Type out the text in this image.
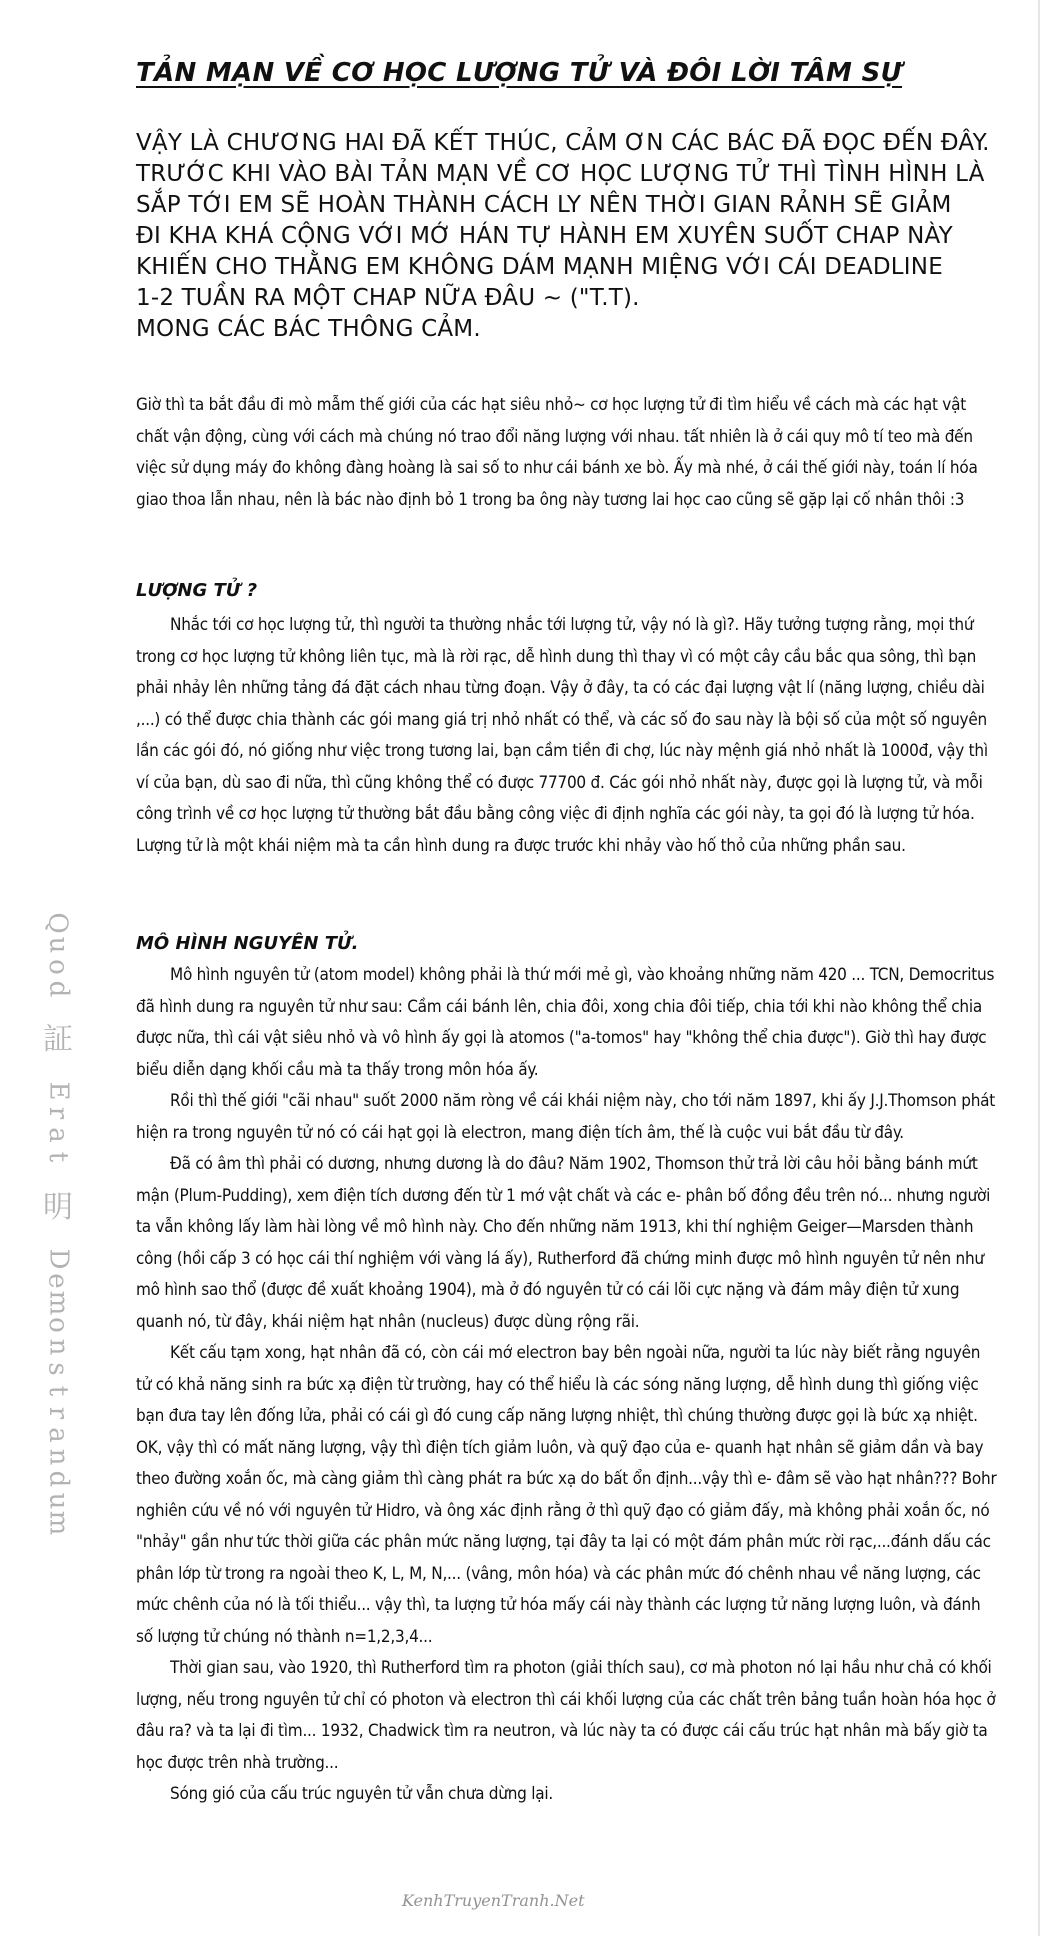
TẢN MẠN VỀ CƠ HỌC LƯỢNG TỬ VÀ ĐÔI LỜI TÂM SỰ
VẬY LÀ CHƯƠNG HAI ĐÃ KẾT THÚC, CẢM ƠN CÁC BÁC ĐÃ ĐỌC ĐẾN ĐÂY.
TRƯỚC KHI VÀO BÀI TẢN MẠN VỀ CƠ HỌC LƯỢNG TỬ THÌ TÌNH HÌNH LÀ
SẮP TỚI EM SẼ HOÀN THÀNH CÁCH LY NÊN THỜI GIAN RẢNH SẼ GIẢM
ĐI KHA KHÁ CỘNG VỚI MỚ HÁN TỰ HÀNH EM XUYÊN SUỐT CHAP NÀY
KHIẾN CHO THẰNG EM KHÔNG DÁM MẠNH MIỆNG VỚI CÁI DEADLINE
1-2 TUẦN RA MỘT CHAP NỮA ĐÂU ~ ("T.T).
MONG CÁC BÁC THÔNG CẢM.

Giờ thì ta bắt đầu đi mò mẫm thế giới của các hạt siêu nhỏ~ cơ học lượng tử đi tìm hiểu về cách mà các hạt vật chất vận động, cùng với cách mà chúng nó trao đổi năng lượng với nhau. tất nhiên là ở cái quy mô tí teo mà đến việc sử dụng máy đo không đàng hoàng là sai số to như cái bánh xe bò. Ấy mà nhé, ở cái thế giới này, toán lí hóa giao thoa lẫn nhau, nên là bác nào định bỏ 1 trong ba ông này tương lai học cao cũng sẽ gặp lại cố nhân thôi :3

LƯỢNG TỬ ?

Nhắc tới cơ học lượng tử, thì người ta thường nhắc tới lượng tử, vậy nó là gì?. Hãy tưởng tượng rằng, mọi thứ trong cơ học lượng tử không liên tục, mà là rời rạc, dễ hình dung thì thay vì có một cây cầu bắc qua sông, thì bạn phải nhảy lên những tảng đá đặt cách nhau từng đoạn. Vậy ở đây, ta có các đại lượng vật lí (năng lượng, chiều dài ,...) có thể được chia thành các gói mang giá trị nhỏ nhất có thể, và các số đo sau này là bội số của một số nguyên lần các gói đó, nó giống như việc trong tương lai, bạn cầm tiền đi chợ, lúc này mệnh giá nhỏ nhất là 1000đ, vậy thì ví của bạn, dù sao đi nữa, thì cũng không thể có được 77700 đ. Các gói nhỏ nhất này, được gọi là lượng tử, và mỗi công trình về cơ học lượng tử thường bắt đầu bằng công việc đi định nghĩa các gói này, ta gọi đó là lượng tử hóa. Lượng tử là một khái niệm mà ta cần hình dung ra được trước khi nhảy vào hố thỏ của những phần sau.

MÔ HÌNH NGUYÊN TỬ.

Mô hình nguyên tử (atom model) không phải là thứ mới mẻ gì, vào khoảng những năm 420 ... TCN, Democritus đã hình dung ra nguyên tử như sau: Cầm cái bánh lên, chia đôi, xong chia đôi tiếp, chia tới khi nào không thể chia được nữa, thì cái vật siêu nhỏ và vô hình ấy gọi là atomos ("a-tomos" hay "không thể chia được"). Giờ thì hay được biểu diễn dạng khối cầu mà ta thấy trong môn hóa ấy.

Rồi thì thế giới "cãi nhau" suốt 2000 năm ròng về cái khái niệm này, cho tới năm 1897, khi ấy J.J.Thomson phát hiện ra trong nguyên tử nó có cái hạt gọi là electron, mang điện tích âm, thế là cuộc vui bắt đầu từ đây.

Đã có âm thì phải có dương, nhưng dương là do đâu? Năm 1902, Thomson thử trả lời câu hỏi bằng bánh mứt mận (Plum-Pudding), xem điện tích dương đến từ 1 mớ vật chất và các e- phân bố đồng đều trên nó... nhưng người ta vẫn không lấy làm hài lòng về mô hình này. Cho đến những năm 1913, khi thí nghiệm Geiger—Marsden thành công (hồi cấp 3 có học cái thí nghiệm với vàng lá ấy), Rutherford đã chứng minh được mô hình nguyên tử nên như mô hình sao thổ (được đề xuất khoảng 1904), mà ở đó nguyên tử có cái lõi cực nặng và đám mây điện tử xung quanh nó, từ đây, khái niệm hạt nhân (nucleus) được dùng rộng rãi.

Kết cấu tạm xong, hạt nhân đã có, còn cái mớ electron bay bên ngoài nữa, người ta lúc này biết rằng nguyên tử có khả năng sinh ra bức xạ điện từ trường, hay có thể hiểu là các sóng năng lượng, dễ hình dung thì giống việc bạn đưa tay lên đống lửa, phải có cái gì đó cung cấp năng lượng nhiệt, thì chúng thường được gọi là bức xạ nhiệt. OK, vậy thì có mất năng lượng, vậy thì điện tích giảm luôn, và quỹ đạo của e- quanh hạt nhân sẽ giảm dần và bay theo đường xoắn ốc, mà càng giảm thì càng phát ra bức xạ do bất ổn định...vậy thì e- đâm sẽ vào hạt nhân??? Bohr nghiên cứu về nó với nguyên tử Hidro, và ông xác định rằng ở thì quỹ đạo có giảm đấy, mà không phải xoắn ốc, nó "nhảy" gần như tức thời giữa các phân mức năng lượng, tại đây ta lại có một đám phân mức rời rạc,...đánh dấu các phân lớp từ trong ra ngoài theo K, L, M, N,... (vâng, môn hóa) và các phân mức đó chênh nhau về năng lượng, các mức chênh của nó là tối thiểu... vậy thì, ta lượng tử hóa mấy cái này thành các lượng tử năng lượng luôn, và đánh số lượng tử chúng nó thành n=1,2,3,4...

Thời gian sau, vào 1920, thì Rutherford tìm ra photon (giải thích sau), cơ mà photon nó lại hầu như chả có khối lượng, nếu trong nguyên tử chỉ có photon và electron thì cái khối lượng của các chất trên bảng tuần hoàn hóa học ở đâu ra? và ta lại đi tìm... 1932, Chadwick tìm ra neutron, và lúc này ta có được cái cấu trúc hạt nhân mà bấy giờ ta học được trên nhà trường...

Sóng gió của cấu trúc nguyên tử vẫn chưa dừng lại.

Q
u
o
d

証

E
r
a
t

明

D
e
m
o
n
s
t
r
a
n
d
u
m
KenhTruyenTranh.Net
